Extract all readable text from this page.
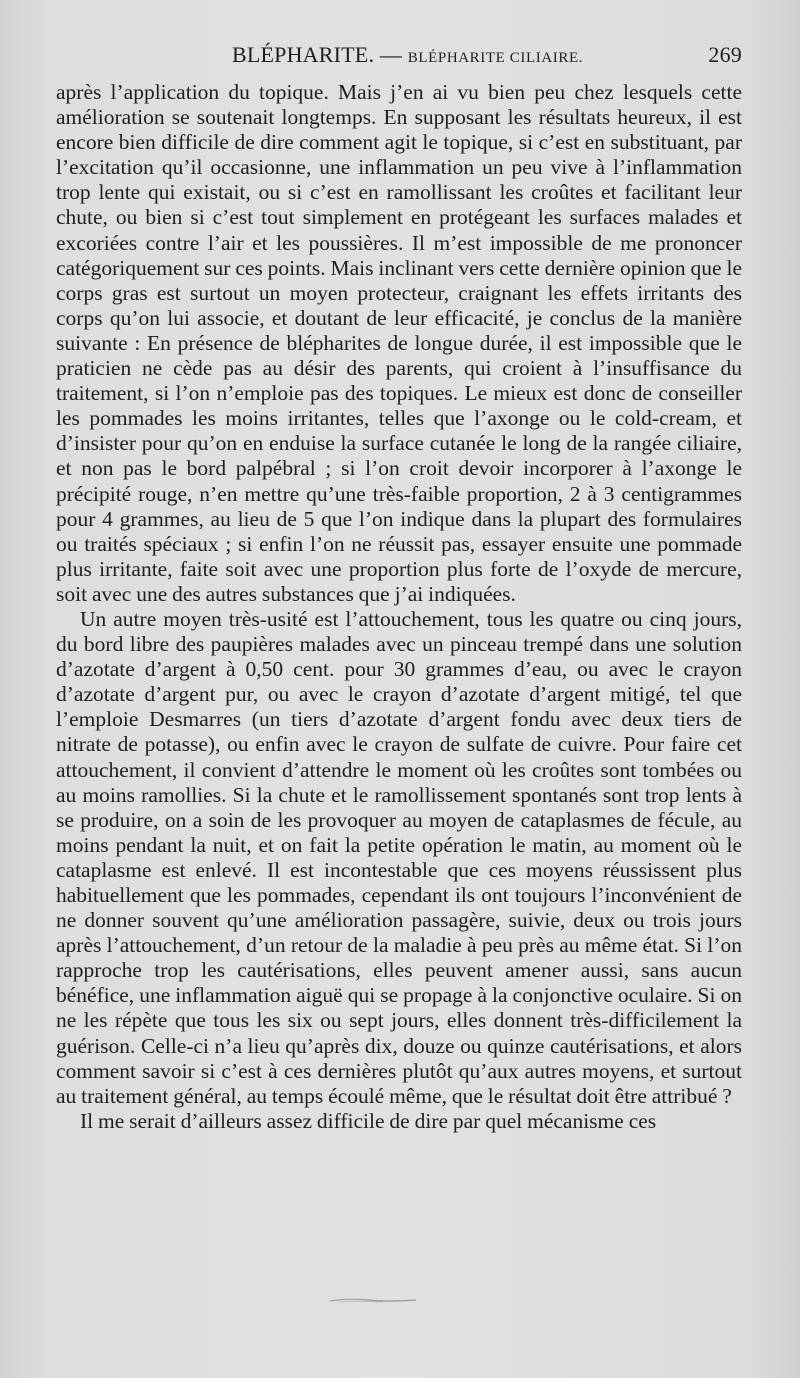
BLÉPHARITE. — BLÉPHARITE CILIAIRE.	269

après l’application du topique. Mais j’en ai vu bien peu chez lesquels cette amélioration se soutenait longtemps. En supposant les résultats heureux, il est encore bien difficile de dire comment agit le topique, si c’est en substituant, par l’excitation qu’il occasionne, une inflammation un peu vive à l’inflammation trop lente qui existait, ou si c’est en ramollissant les croûtes et facilitant leur chute, ou bien si c’est tout simplement en protégeant les surfaces malades et excoriées contre l’air et les poussières. Il m’est impossible de me prononcer catégoriquement sur ces points. Mais inclinant vers cette dernière opinion que le corps gras est surtout un moyen protecteur, craignant les effets irritants des corps qu’on lui associe, et doutant de leur efficacité, je conclus de la manière suivante : En présence de blépharites de longue durée, il est impossible que le praticien ne cède pas au désir des parents, qui croient à l’insuffisance du traitement, si l’on n’emploie pas des topiques. Le mieux est donc de conseiller les pommades les moins irritantes, telles que l’axonge ou le cold-cream, et d’insister pour qu’on en enduise la surface cutanée le long de la rangée ciliaire, et non pas le bord palpébral ; si l’on croit devoir incorporer à l’axonge le précipité rouge, n’en mettre qu’une très-faible proportion, 2 à 3 centigrammes pour 4 grammes, au lieu de 5 que l’on indique dans la plupart des formulaires ou traités spéciaux ; si enfin l’on ne réussit pas, essayer ensuite une pommade plus irritante, faite soit avec une proportion plus forte de l’oxyde de mercure, soit avec une des autres substances que j’ai indiquées.

Un autre moyen très-usité est l’attouchement, tous les quatre ou cinq jours, du bord libre des paupières malades avec un pinceau trempé dans une solution d’azotate d’argent à 0,50 cent. pour 30 grammes d’eau, ou avec le crayon d’azotate d’argent pur, ou avec le crayon d’azotate d’argent mitigé, tel que l’emploie Desmarres (un tiers d’azotate d’argent fondu avec deux tiers de nitrate de potasse), ou enfin avec le crayon de sulfate de cuivre. Pour faire cet attouchement, il convient d’attendre le moment où les croûtes sont tombées ou au moins ramollies. Si la chute et le ramollissement spontanés sont trop lents à se produire, on a soin de les provoquer au moyen de cataplasmes de fécule, au moins pendant la nuit, et on fait la petite opération le matin, au moment où le cataplasme est enlevé. Il est incontestable que ces moyens réussissent plus habituellement que les pommades, cependant ils ont toujours l’inconvénient de ne donner souvent qu’une amélioration passagère, suivie, deux ou trois jours après l’attouchement, d’un retour de la maladie à peu près au même état. Si l’on rapproche trop les cautérisations, elles peuvent amener aussi, sans aucun bénéfice, une inflammation aiguë qui se propage à la conjonctive oculaire. Si on ne les répète que tous les six ou sept jours, elles donnent très-difficilement la guérison. Celle-ci n’a lieu qu’après dix, douze ou quinze cautérisations, et alors comment savoir si c’est à ces dernières plutôt qu’aux autres moyens, et surtout au traitement général, au temps écoulé même, que le résultat doit être attribué ?

Il me serait d’ailleurs assez difficile de dire par quel mécanisme ces
